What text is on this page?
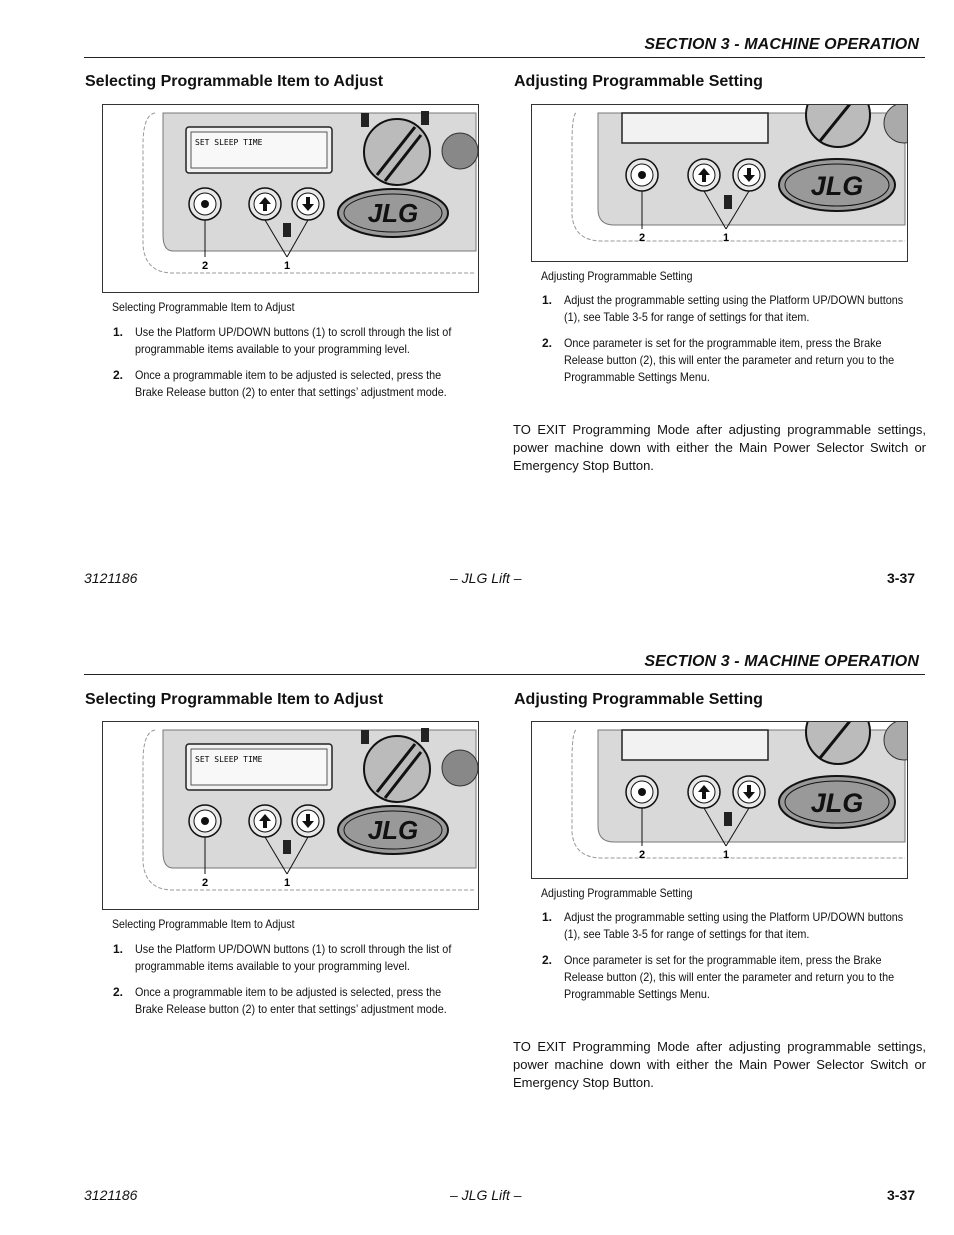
SECTION 3 - MACHINE OPERATION
Selecting Programmable Item to Adjust	Adjusting Programmable Setting
SET SLEEP TIME
JLG
2	1
Selecting Programmable Item to Adjust
1. Use the Platform UP/DOWN buttons (1) to scroll through the list of programmable items available to your programming level.
2. Once a programmable item to be adjusted is selected, press the Brake Release button (2) to enter that settings’ adjustment mode.
JLG
2	1
Adjusting Programmable Setting
1. Adjust the programmable setting using the Platform UP/DOWN buttons (1), see Table 3-5 for range of settings for that item.
2. Once parameter is set for the programmable item, press the Brake Release button (2), this will enter the parameter and return you to the Programmable Settings Menu.
TO EXIT Programming Mode after adjusting programmable settings, power machine down with either the Main Power Selector Switch or Emergency Stop Button.
3121186	– JLG Lift –	3-37
SECTION 3 - MACHINE OPERATION
Selecting Programmable Item to Adjust	Adjusting Programmable Setting
SET SLEEP TIME
JLG
2	1
Selecting Programmable Item to Adjust
1. Use the Platform UP/DOWN buttons (1) to scroll through the list of programmable items available to your programming level.
2. Once a programmable item to be adjusted is selected, press the Brake Release button (2) to enter that settings’ adjustment mode.
JLG
2	1
Adjusting Programmable Setting
1. Adjust the programmable setting using the Platform UP/DOWN buttons (1), see Table 3-5 for range of settings for that item.
2. Once parameter is set for the programmable item, press the Brake Release button (2), this will enter the parameter and return you to the Programmable Settings Menu.
TO EXIT Programming Mode after adjusting programmable settings, power machine down with either the Main Power Selector Switch or Emergency Stop Button.
3121186	– JLG Lift –	3-37
